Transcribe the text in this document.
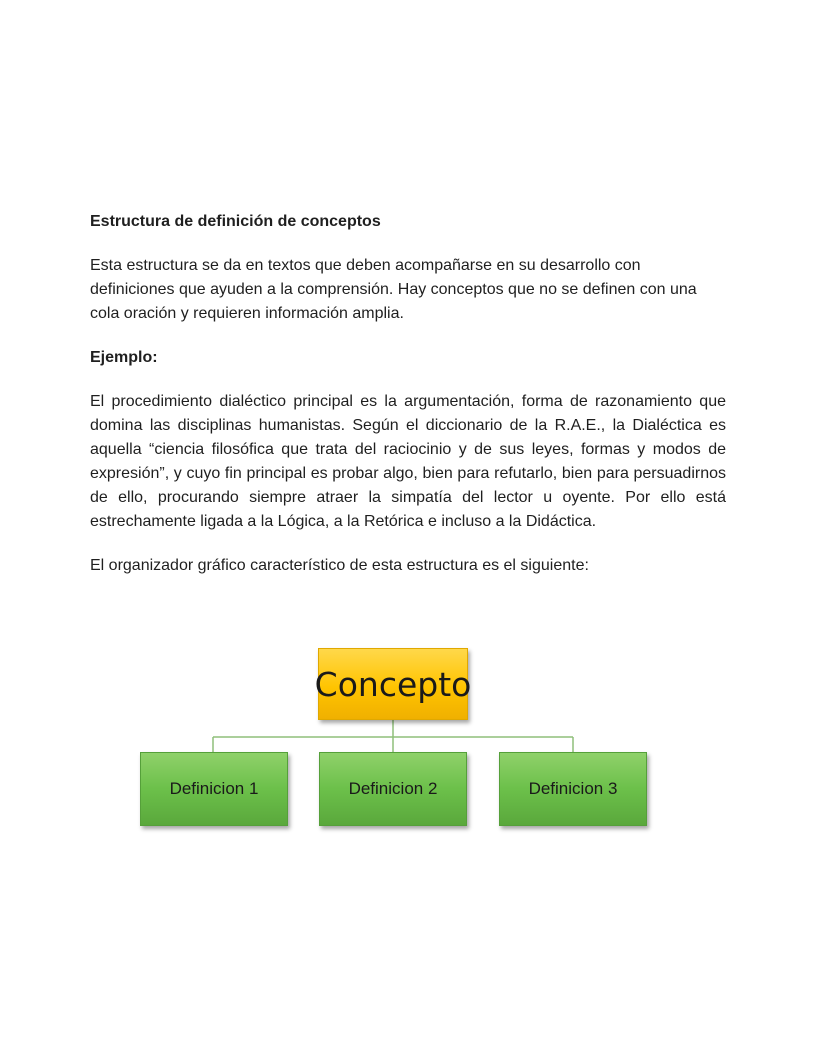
Estructura de definición de conceptos
Esta estructura se da en textos que deben acompañarse en su desarrollo con definiciones que ayuden a la comprensión. Hay conceptos que no se definen con una cola oración y requieren información amplia.
Ejemplo:
El procedimiento dialéctico principal es la argumentación, forma de razonamiento que domina las disciplinas humanistas. Según el diccionario de la R.A.E., la Dialéctica es aquella “ciencia filosófica que trata del raciocinio y de sus leyes, formas y modos de expresión”, y cuyo fin principal es probar algo, bien para refutarlo, bien para persuadirnos de ello, procurando siempre atraer la simpatía del lector u oyente. Por ello está estrechamente ligada a la Lógica, a la Retórica e incluso a la Didáctica.
El organizador gráfico característico de esta estructura es el siguiente:
Concepto
Definicion 1	Definicion 2	Definicion 3
